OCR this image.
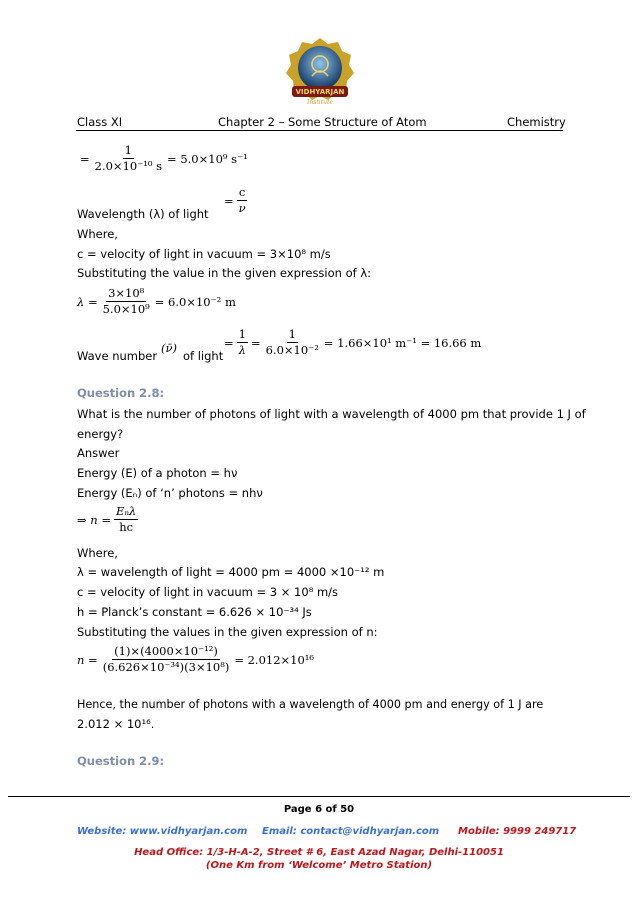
VIDHYARJAN
Institute
Class XI	Chapter 2 – Some Structure of Atom	Chemistry
= $\frac{1}{\text{2.0×10⁻¹⁰ s}} = 5.0\times 10^9$ s⁻¹
= $\frac{c}{\nu}$
Wavelength (λ) of light
Where,
c = velocity of light in vacuum = 3×10⁸ m/s
Substituting the value in the given expression of λ:
$\lambda = \frac{\text{3×10⁸}}{\text{5.0×10⁹}} = 6.0\times 10^{-2}$ m
Wave number
(ν̄)
of light
= $\frac{1}{\lambda} = \frac{1}{\text{6.0×10⁻²}} = 1.66\times 10^1$ m⁻¹ = 16.66 m
Question 2.8:
What is the number of photons of light with a wavelength of 4000 pm that provide 1 J of
energy?
Answer
Energy (E) of a photon = hν
Energy (Eₙ) of ‘n’ photons = nhν
⇒ $n = \frac{\text{Eₙλ}}{hc}$
Where,
λ = wavelength of light = 4000 pm = 4000 ×10⁻¹² m
c = velocity of light in vacuum = 3 × 10⁸ m/s
h = Planck’s constant = 6.626 × 10⁻³⁴ Js
Substituting the values in the given expression of n:
$n = \frac{\text{(1)×(4000×10⁻¹²)}}{\text{(6.626×10⁻³⁴)(3×10⁸)}} = 2.012\times 10^{16}$
Hence, the number of photons with a wavelength of 4000 pm and energy of 1 J are
2.012 × 10¹⁶.
Question 2.9:
Page 6 of 50
Website: www.vidhyarjan.com Email: contact@vidhyarjan.com Mobile: 9999 249717
Head Office: 1/3-H-A-2, Street # 6, East Azad Nagar, Delhi-110051
(One Km from ‘Welcome’ Metro Station)
